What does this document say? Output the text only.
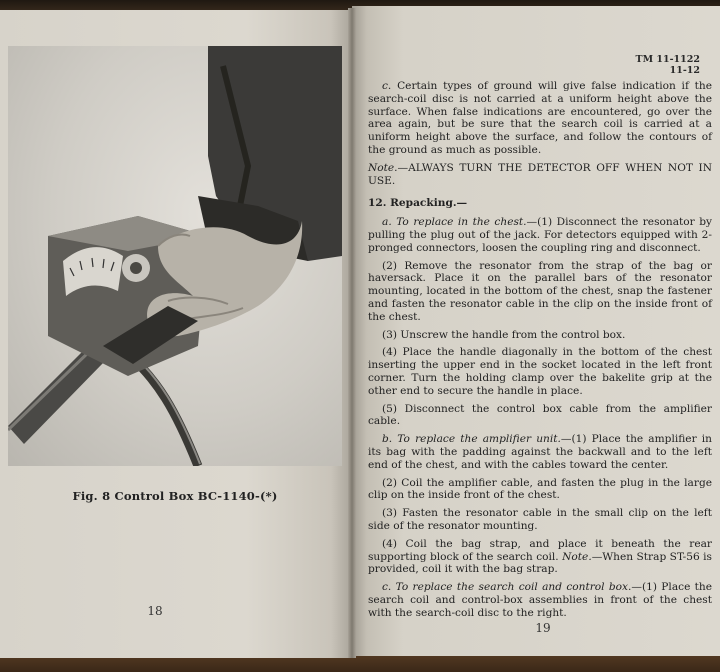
Fig. 8 Control Box BC-1140-(*)
18
TM 11-1122
11-12

c. Certain types of ground will give false indication if the search-coil disc is not carried at a uniform height above the surface. When false indications are encountered, go over the area again, but be sure that the search coil is carried at a uniform height above the surface, and follow the contours of the ground as much as possible.

Note.—ALWAYS TURN THE DETECTOR OFF WHEN NOT IN USE.

12. Repacking.—

a. To replace in the chest.—(1) Disconnect the resonator by pulling the plug out of the jack. For detectors equipped with 2-pronged connectors, loosen the coupling ring and disconnect.

(2) Remove the resonator from the strap of the bag or haversack. Place it on the parallel bars of the resonator mounting, located in the bottom of the chest, snap the fastener and fasten the resonator cable in the clip on the inside front of the chest.

(3) Unscrew the handle from the control box.

(4) Place the handle diagonally in the bottom of the chest inserting the upper end in the socket located in the left front corner. Turn the holding clamp over the bakelite grip at the other end to secure the handle in place.

(5) Disconnect the control box cable from the amplifier cable.

b. To replace the amplifier unit.—(1) Place the amplifier in its bag with the padding against the backwall and to the left end of the chest, and with the cables toward the center.

(2) Coil the amplifier cable, and fasten the plug in the large clip on the inside front of the chest.

(3) Fasten the resonator cable in the small clip on the left side of the resonator mounting.

(4) Coil the bag strap, and place it beneath the rear supporting block of the search coil. Note.—When Strap ST-56 is provided, coil it with the bag strap.

c. To replace the search coil and control box.—(1) Place the search coil and control-box assemblies in front of the chest with the search-coil disc to the right.

19
